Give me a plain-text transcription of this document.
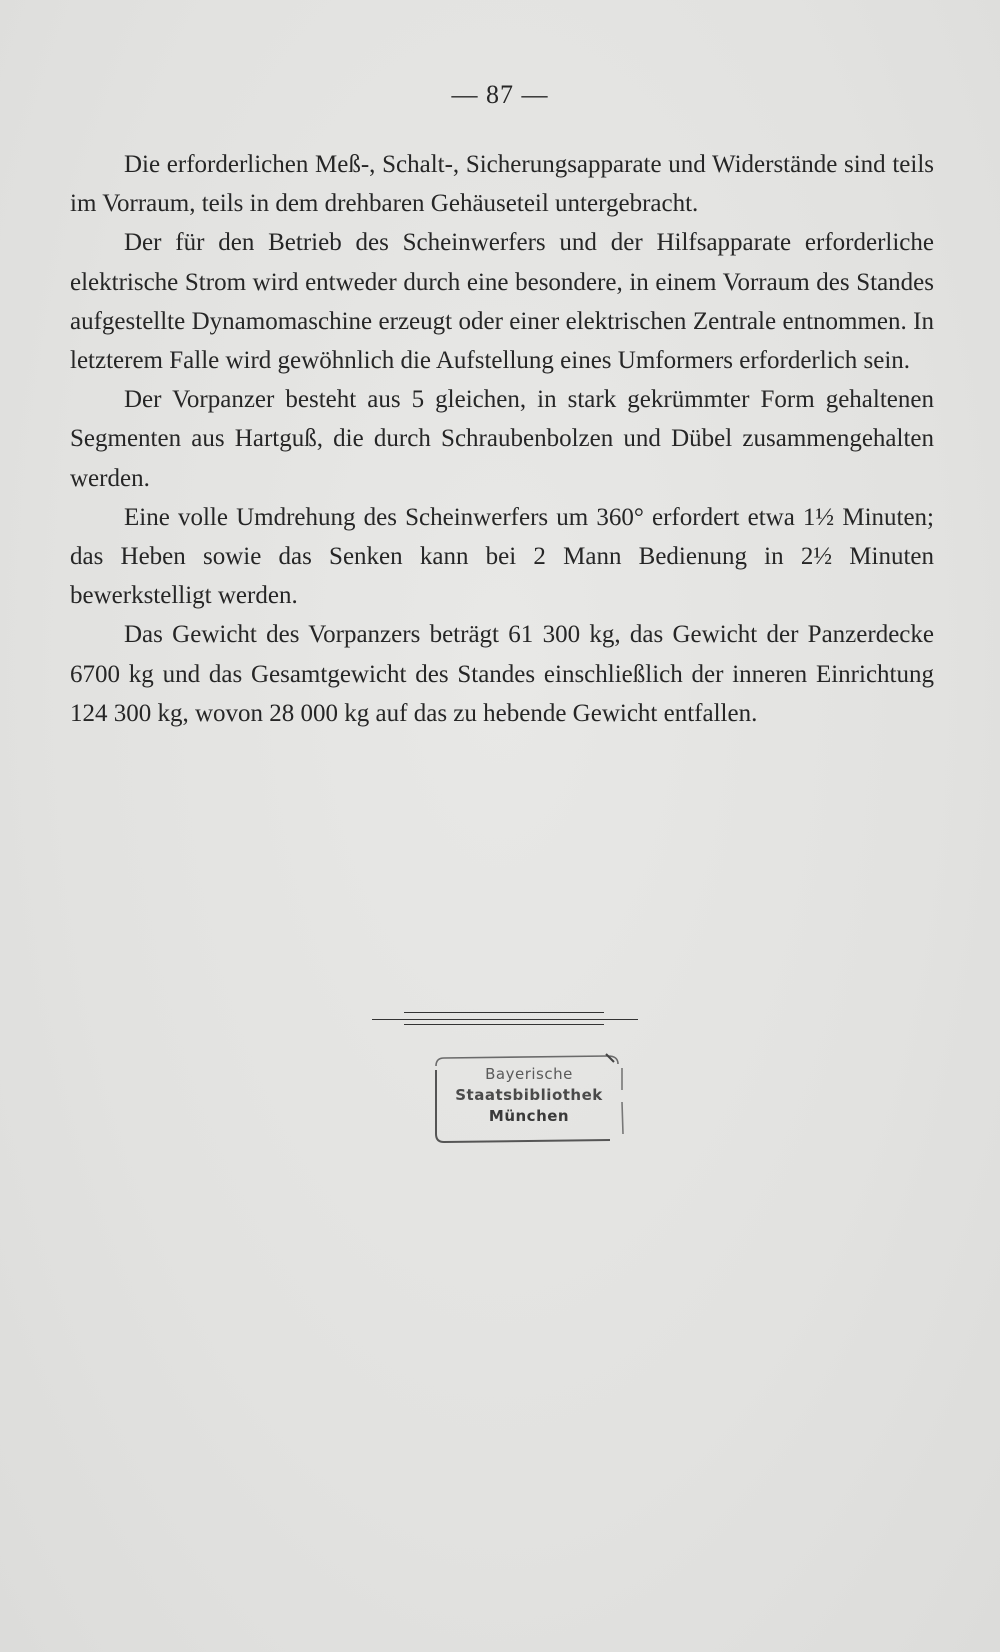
— 87 —

Die erforderlichen Meß-, Schalt-, Sicherungsapparate und Widerstände sind teils im Vorraum, teils in dem drehbaren Gehäuseteil untergebracht.

Der für den Betrieb des Scheinwerfers und der Hilfsapparate erforderliche elektrische Strom wird entweder durch eine besondere, in einem Vorraum des Standes aufgestellte Dynamomaschine erzeugt oder einer elektrischen Zentrale entnommen. In letzterem Falle wird gewöhnlich die Aufstellung eines Umformers erforderlich sein.

Der Vorpanzer besteht aus 5 gleichen, in stark gekrümmter Form gehaltenen Segmenten aus Hartguß, die durch Schraubenbolzen und Dübel zusammengehalten werden.

Eine volle Umdrehung des Scheinwerfers um 360° erfordert etwa 1½ Minuten; das Heben sowie das Senken kann bei 2 Mann Bedienung in 2½ Minuten bewerkstelligt werden.

Das Gewicht des Vorpanzers beträgt 61 300 kg, das Gewicht der Panzerdecke 6700 kg und das Gesamtgewicht des Standes einschließlich der inneren Einrichtung 124 300 kg, wovon 28 000 kg auf das zu hebende Gewicht entfallen.

Bayerische
Staatsbibliothek
München
